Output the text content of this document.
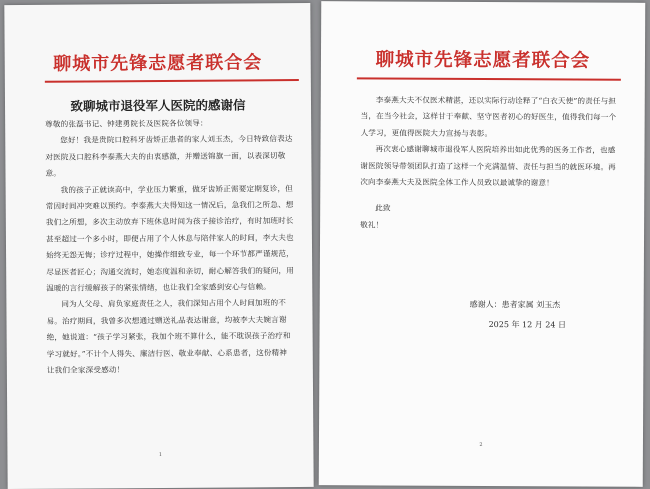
聊城市先锋志愿者联合会
致聊城市退役军人医院的感谢信

尊敬的张磊书记、钟建勇院长及医院各位领导：

您好！我是贵院口腔科牙齿矫正患者的家人刘玉杰，今日特致信表达对医院及口腔科李泰燕大夫的由衷感激，并赠送锦旗一面，以表深切敬意。

我的孩子正就读高中，学业压力繁重，做牙齿矫正需要定期复诊，但常因时间冲突难以预约。李泰燕大夫得知这一情况后，急我们之所急、想我们之所想，多次主动放弃下班休息时间为孩子接诊治疗，有时加班时长甚至超过一个多小时，即便占用了个人休息与陪伴家人的时间，李大夫也始终无怨无悔；诊疗过程中，她操作细致专业，每一个环节都严谨规范，尽显医者匠心；沟通交流时，她态度温和亲切，耐心解答我们的疑问，用温暖的言行缓解孩子的紧张情绪，也让我们全家感到安心与信赖。

同为人父母、肩负家庭责任之人，我们深知占用个人时间加班的不易。治疗期间，我曾多次想通过赠送礼品表达谢意，均被李大夫婉言谢绝，她说道：“孩子学习紧张，我加个班不算什么，能不耽误孩子治疗和学习就好。”不计个人得失、廉洁行医、敬业奉献、心系患者，这份精神让我们全家深受感动！

1
聊城市先锋志愿者联合会

李泰燕大夫不仅医术精湛，还以实际行动诠释了“白衣天使”的责任与担当，在当今社会，这样甘于奉献、坚守医者初心的好医生，值得我们每一个人学习，更值得医院大力宣扬与表彰。

再次衷心感谢聊城市退役军人医院培养出如此优秀的医务工作者，也感谢医院领导带领团队打造了这样一个充满温情、责任与担当的就医环境。再次向李泰燕大夫及医院全体工作人员致以最诚挚的谢意！

此致

敬礼！

感谢人：患者家属 刘玉杰
2025 年 12 月 24 日
2
